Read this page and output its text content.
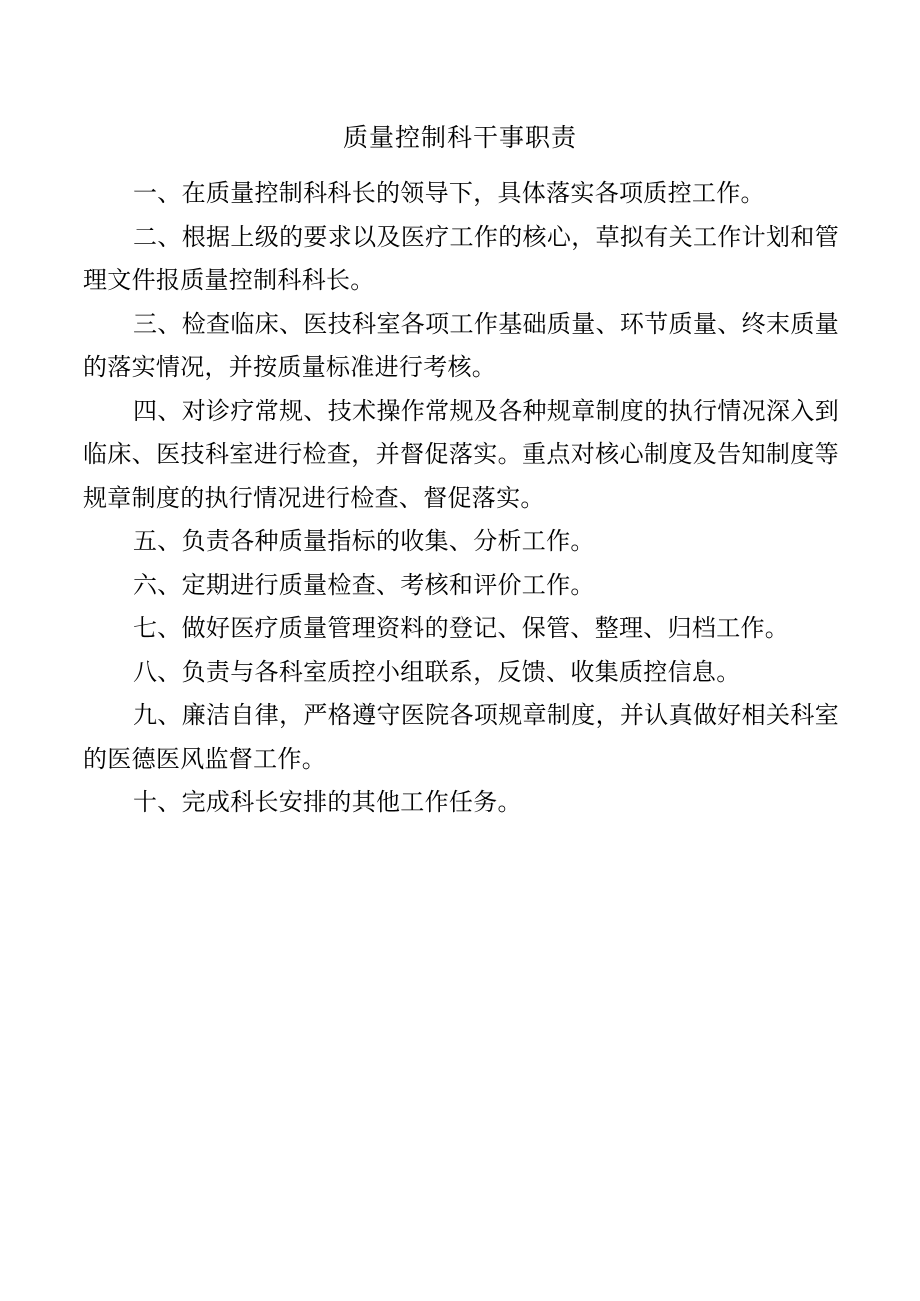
质量控制科干事职责

一、在质量控制科科长的领导下，具体落实各项质控工作。

二、根据上级的要求以及医疗工作的核心，草拟有关工作计划和管理文件报质量控制科科长。

三、检查临床、医技科室各项工作基础质量、环节质量、终末质量的落实情况，并按质量标准进行考核。

四、对诊疗常规、技术操作常规及各种规章制度的执行情况深入到临床、医技科室进行检查，并督促落实。重点对核心制度及告知制度等规章制度的执行情况进行检查、督促落实。

五、负责各种质量指标的收集、分析工作。

六、定期进行质量检查、考核和评价工作。

七、做好医疗质量管理资料的登记、保管、整理、归档工作。

八、负责与各科室质控小组联系，反馈、收集质控信息。

九、廉洁自律，严格遵守医院各项规章制度，并认真做好相关科室的医德医风监督工作。

十、完成科长安排的其他工作任务。
